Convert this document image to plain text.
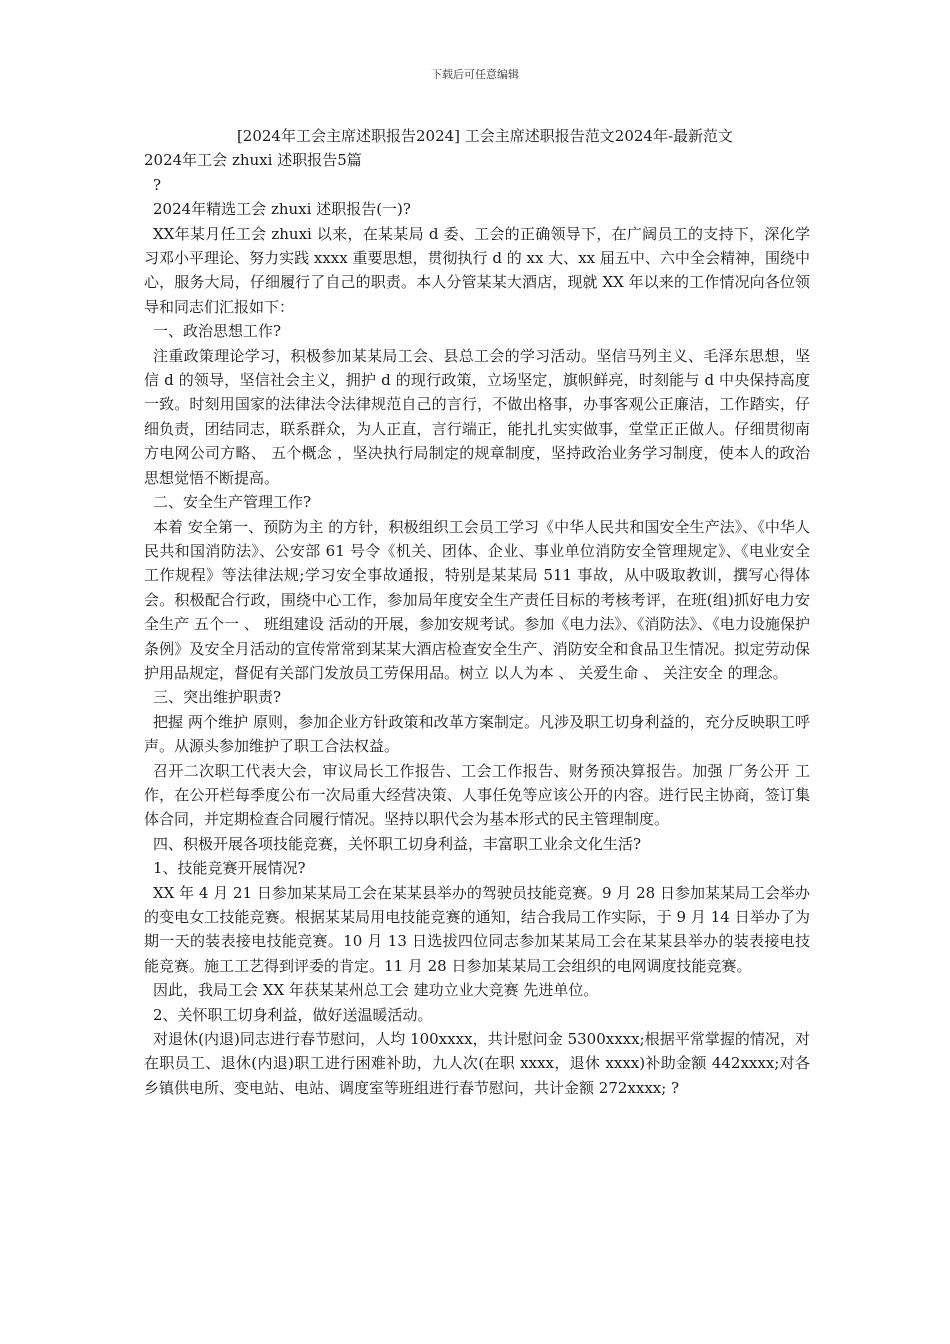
下载后可任意编辑

[2024年工会主席述职报告2024] 工会主席述职报告范文2024年-最新范文

2024年工会 zhuxi 述职报告5篇

?

2024年精选工会 zhuxi 述职报告(一)?

XX年某月任工会 zhuxi 以来，在某某局 d 委、工会的正确领导下，在广阔员工的支持下，深化学习邓小平理论、努力实践 xxxx 重要思想，贯彻执行 d 的 xx 大、xx 届五中、六中全会精神，围绕中心，服务大局，仔细履行了自己的职责。本人分管某某大酒店，现就 XX 年以来的工作情况向各位领导和同志们汇报如下：

一、政治思想工作?

注重政策理论学习，积极参加某某局工会、县总工会的学习活动。坚信马列主义、毛泽东思想，坚信 d 的领导，坚信社会主义，拥护 d 的现行政策，立场坚定，旗帜鲜亮，时刻能与 d 中央保持高度一致。时刻用国家的法律法令法律规范自己的言行，不做出格事，办事客观公正廉洁，工作踏实，仔细负责，团结同志，联系群众，为人正直，言行端正，能扎扎实实做事，堂堂正正做人。仔细贯彻南方电网公司方略、 五个概念 ，坚决执行局制定的规章制度，坚持政治业务学习制度，使本人的政治思想觉悟不断提高。

二、安全生产管理工作?

本着 安全第一、预防为主 的方针，积极组织工会员工学习《中华人民共和国安全生产法》、《中华人民共和国消防法》、公安部 61 号令《机关、团体、企业、事业单位消防安全管理规定》、《电业安全工作规程》等法律法规;学习安全事故通报，特别是某某局 511 事故，从中吸取教训，撰写心得体会。积极配合行政，围绕中心工作，参加局年度安全生产责任目标的考核考评，在班(组)抓好电力安全生产 五个一 、 班组建设 活动的开展，参加安规考试。参加《电力法》、《消防法》、《电力设施保护条例》及安全月活动的宣传常常到某某大酒店检查安全生产、消防安全和食品卫生情况。拟定劳动保护用品规定，督促有关部门发放员工劳保用品。树立 以人为本 、 关爱生命 、 关注安全 的理念。

三、突出维护职责?

把握 两个维护 原则，参加企业方针政策和改革方案制定。凡涉及职工切身利益的，充分反映职工呼声。从源头参加维护了职工合法权益。

召开二次职工代表大会，审议局长工作报告、工会工作报告、财务预决算报告。加强 厂务公开 工作，在公开栏每季度公布一次局重大经营决策、人事任免等应该公开的内容。进行民主协商，签订集体合同，并定期检查合同履行情况。坚持以职代会为基本形式的民主管理制度。

四、积极开展各项技能竞赛，关怀职工切身利益，丰富职工业余文化生活?

1、技能竞赛开展情况?

XX 年 4 月 21 日参加某某局工会在某某县举办的驾驶员技能竞赛。9 月 28 日参加某某局工会举办的变电女工技能竞赛。根据某某局用电技能竞赛的通知，结合我局工作实际，于 9 月 14 日举办了为期一天的装表接电技能竞赛。10 月 13 日选拔四位同志参加某某局工会在某某县举办的装表接电技能竞赛。施工工艺得到评委的肯定。11 月 28 日参加某某局工会组织的电网调度技能竞赛。

因此，我局工会 XX 年获某某州总工会 建功立业大竞赛 先进单位。

2、关怀职工切身利益，做好送温暖活动。

对退休(内退)同志进行春节慰问，人均 100xxxx，共计慰问金 5300xxxx;根据平常掌握的情况，对在职员工、退休(内退)职工进行困难补助，九人次(在职 xxxx，退休 xxxx)补助金额 442xxxx;对各乡镇供电所、变电站、电站、调度室等班组进行春节慰问，共计金额 272xxxx; ?
